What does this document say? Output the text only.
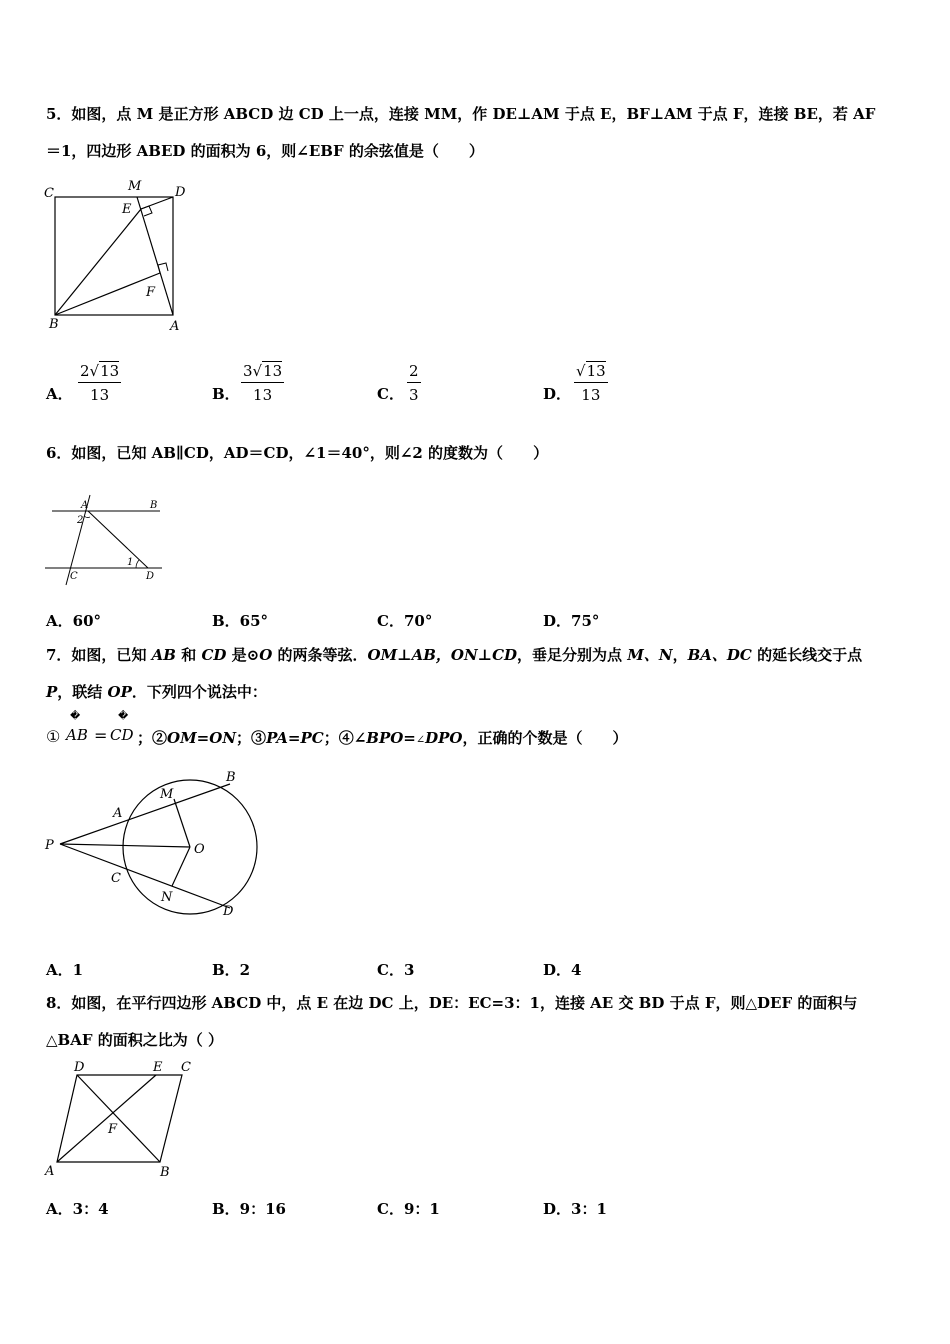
5．如图，点 M 是正方形 ABCD 边 CD 上一点，连接 MM，作 DE⊥AM 于点 E，BF⊥AM 于点 F，连接 BE，若 AF
＝1，四边形 ABED 的面积为 6，则∠EBF 的余弦值是（　　）
C	M	D
E
F
B	A
A． $\frac{2√13}{13}$	B． $\frac{3√13}{13}$	C． $\frac{2}{3}$	D． $\frac{√13}{13}$
6．如图，已知 AB∥CD，AD＝CD，∠1＝40°，则∠2 的度数为（　　）
A	B
2
1
C	D
A．60°	B．65°	C．70°	D．75°
7．如图，已知 AB 和 CD 是⊙O 的两条等弦．OM⊥AB，ON⊥CD，垂足分别为点 M、N，BA、DC 的延长线交于点
P，联结 OP．下列四个说法中：
①
�
AB =
�
CD ；②OM=ON；③PA=PC；④∠BPO=∠DPO，正确的个数是（　　）
B
M
A
P	O
C
N
D
A．1	B．2	C．3	D．4
8．如图，在平行四边形 ABCD 中，点 E 在边 DC 上，DE：EC=3：1，连接 AE 交 BD 于点 F，则△DEF 的面积与
△BAF 的面积之比为（ ）
D	E C
F
A	B
A．3：4	B．9：16	C．9：1	D．3：1
